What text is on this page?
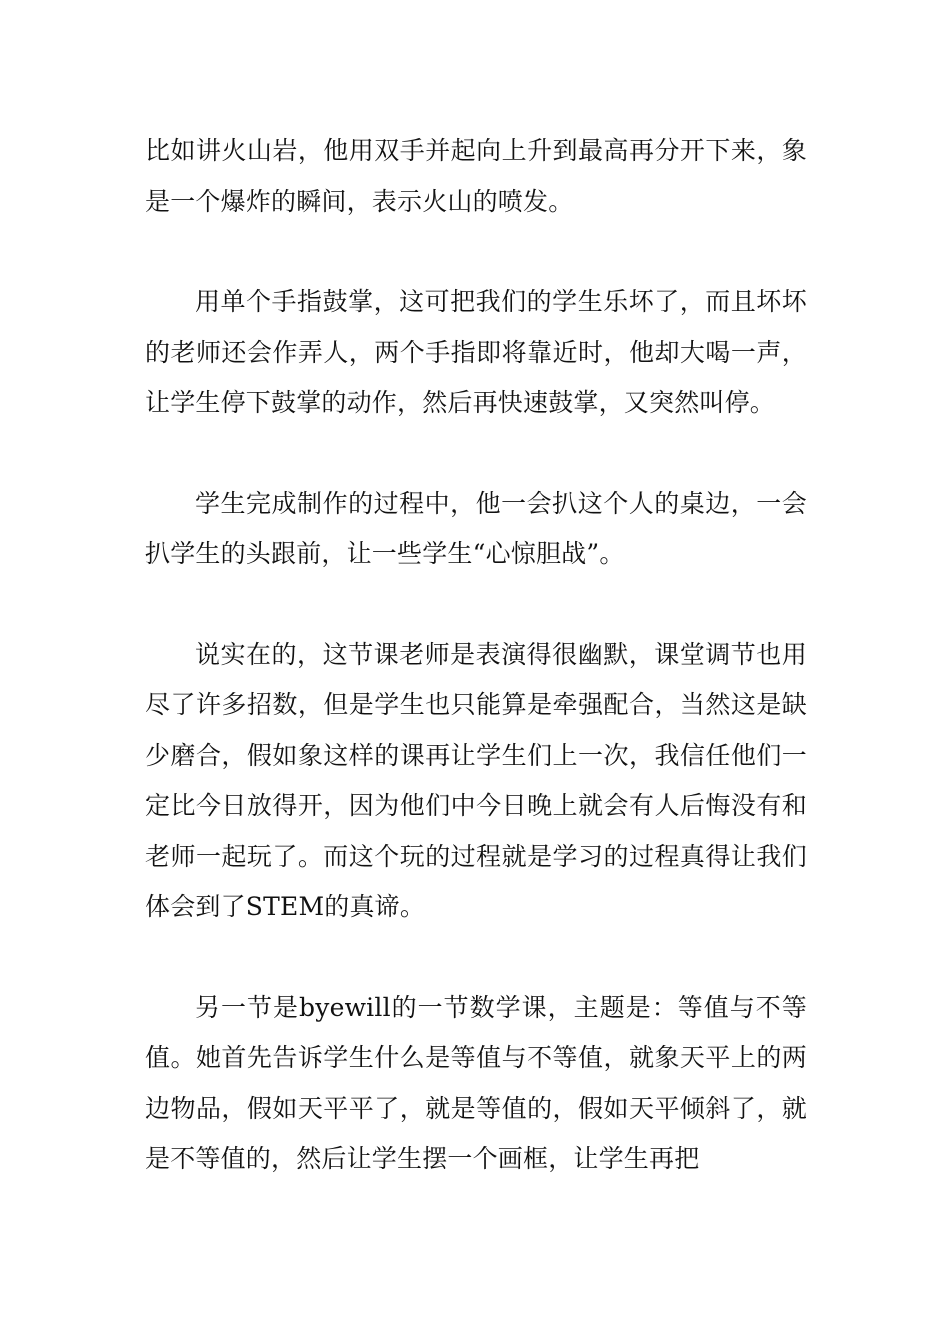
比如讲火山岩，他用双手并起向上升到最高再分开下来，象是一个爆炸的瞬间，表示火山的喷发。

用单个手指鼓掌，这可把我们的学生乐坏了，而且坏坏的老师还会作弄人，两个手指即将靠近时，他却大喝一声，让学生停下鼓掌的动作，然后再快速鼓掌，又突然叫停。

学生完成制作的过程中，他一会扒这个人的桌边，一会扒学生的头跟前，让一些学生“心惊胆战”。

说实在的，这节课老师是表演得很幽默，课堂调节也用尽了许多招数，但是学生也只能算是牵强配合，当然这是缺少磨合，假如象这样的课再让学生们上一次，我信任他们一定比今日放得开，因为他们中今日晚上就会有人后悔没有和老师一起玩了。而这个玩的过程就是学习的过程真得让我们体会到了STEM的真谛。

另一节是byewill的一节数学课，主题是：等值与不等值。她首先告诉学生什么是等值与不等值，就象天平上的两边物品，假如天平平了，就是等值的，假如天平倾斜了，就是不等值的，然后让学生摆一个画框，让学生再把
